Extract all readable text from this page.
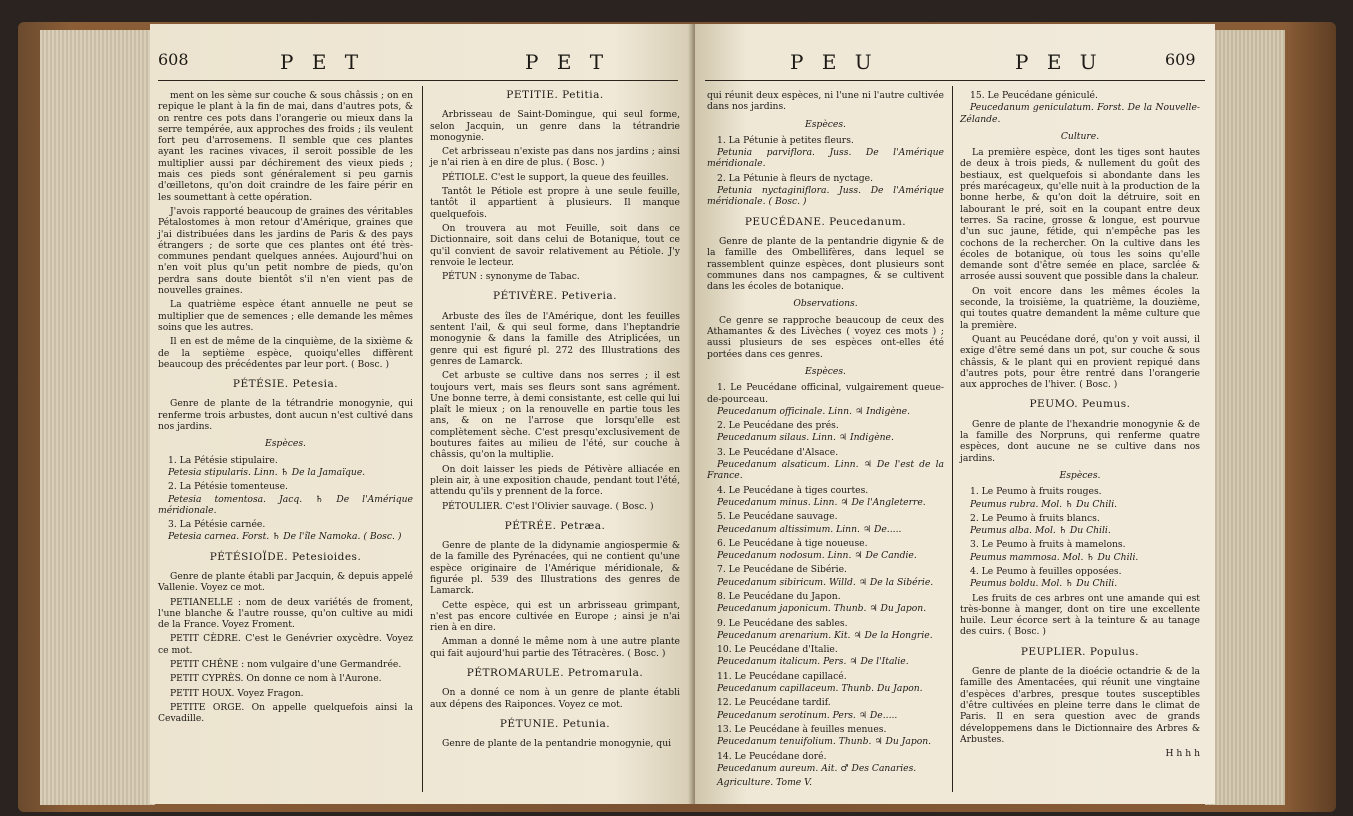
608	P E T	P E T

ment on les sème sur couche & sous châssis ; on en repique le plant à la fin de mai, dans d'autres pots, & on rentre ces pots dans l'orangerie ou mieux dans la serre tempérée, aux approches des froids ; ils veulent fort peu d'arrosemens. Il semble que ces plantes ayant les racines vivaces, il seroit possible de les multiplier aussi par déchirement des vieux pieds ; mais ces pieds sont généralement si peu garnis d'œilletons, qu'on doit craindre de les faire périr en les soumettant à cette opération.

J'avois rapporté beaucoup de graines des véritables Pétalostomes à mon retour d'Amérique, graines que j'ai distribuées dans les jardins de Paris & des pays étrangers ; de sorte que ces plantes ont été très-communes pendant quelques années. Aujourd'hui on n'en voit plus qu'un petit nombre de pieds, qu'on perdra sans doute bientôt s'il n'en vient pas de nouvelles graines.

La quatrième espèce étant annuelle ne peut se multiplier que de semences ; elle demande les mêmes soins que les autres.

Il en est de même de la cinquième, de la sixième & de la septième espèce, quoiqu'elles diffèrent beaucoup des précédentes par leur port. ( Bosc. )

PÉTÉSIE. Petesia.

Genre de plante de la tétrandrie monogynie, qui renferme trois arbustes, dont aucun n'est cultivé dans nos jardins.

Espèces.

1. La Pétésie stipulaire.

Petesia stipularis. Linn. ♄ De la Jamaïque.

2. La Pétésie tomenteuse.

Petesia tomentosa. Jacq. ♄ De l'Amérique méridionale.

3. La Pétésie carnée.

Petesia carnea. Forst. ♄ De l'île Namoka. ( Bosc. )

PÉTÉSIOÏDE. Petesioides.

Genre de plante établi par Jacquin, & depuis appelé Vallenie. Voyez ce mot.

PETIANELLE : nom de deux variétés de froment, l'une blanche & l'autre rousse, qu'on cultive au midi de la France. Voyez Froment.

PETIT CÈDRE. C'est le Genévrier oxycèdre. Voyez ce mot.

PETIT CHÊNE : nom vulgaire d'une Germandrée.

PETIT CYPRÈS. On donne ce nom à l'Aurone.

PETIT HOUX. Voyez Fragon.

PETITE ORGE. On appelle quelquefois ainsi la Cevadille.

PETITIE. Petitia.

Arbrisseau de Saint-Domingue, qui seul forme, selon Jacquin, un genre dans la tétrandrie monogynie.

Cet arbrisseau n'existe pas dans nos jardins ; ainsi je n'ai rien à en dire de plus. ( Bosc. )

PÉTIOLE. C'est le support, la queue des feuilles.

Tantôt le Pétiole est propre à une seule feuille, tantôt il appartient à plusieurs. Il manque quelquefois.

On trouvera au mot Feuille, soit dans ce Dictionnaire, soit dans celui de Botanique, tout ce qu'il convient de savoir relativement au Pétiole. J'y renvoie le lecteur.

PÉTUN : synonyme de Tabac.

PÉTIVÈRE. Petiveria.

Arbuste des îles de l'Amérique, dont les feuilles sentent l'ail, & qui seul forme, dans l'heptandrie monogynie & dans la famille des Atriplicées, un genre qui est figuré pl. 272 des Illustrations des genres de Lamarck.

Cet arbuste se cultive dans nos serres ; il est toujours vert, mais ses fleurs sont sans agrément. Une bonne terre, à demi consistante, est celle qui lui plaît le mieux ; on la renouvelle en partie tous les ans, & on ne l'arrose que lorsqu'elle est complètement sèche. C'est presqu'exclusivement de boutures faites au milieu de l'été, sur couche à châssis, qu'on la multiplie.

On doit laisser les pieds de Pétivère alliacée en plein air, à une exposition chaude, pendant tout l'été, attendu qu'ils y prennent de la force.

PÉTOULIER. C'est l'Olivier sauvage. ( Bosc. )

PÉTRÉE. Petræa.

Genre de plante de la didynamie angiospermie & de la famille des Pyrénacées, qui ne contient qu'une espèce originaire de l'Amérique méridionale, & figurée pl. 539 des Illustrations des genres de Lamarck.

Cette espèce, qui est un arbrisseau grimpant, n'est pas encore cultivée en Europe ; ainsi je n'ai rien à en dire.

Amman a donné le même nom à une autre plante qui fait aujourd'hui partie des Tétracères. ( Bosc. )

PÉTROMARULE. Petromarula.

On a donné ce nom à un genre de plante établi aux dépens des Raiponces. Voyez ce mot.

PÉTUNIE. Petunia.

Genre de plante de la pentandrie monogynie, qui

P E U	P E U	609

qui réunit deux espèces, ni l'une ni l'autre cultivée dans nos jardins.

Espèces.

1. La Pétunie à petites fleurs.

Petunia parviflora. Juss. De l'Amérique méridionale.

2. La Pétunie à fleurs de nyctage.

Petunia nyctaginiflora. Juss. De l'Amérique méridionale. ( Bosc. )

PEUCÉDANE. Peucedanum.

Genre de plante de la pentandrie digynie & de la famille des Ombellifères, dans lequel se rassemblent quinze espèces, dont plusieurs sont communes dans nos campagnes, & se cultivent dans les écoles de botanique.

Observations.

Ce genre se rapproche beaucoup de ceux des Athamantes & des Livèches ( voyez ces mots ) ; aussi plusieurs de ses espèces ont-elles été portées dans ces genres.

Espèces.

1. Le Peucédane officinal, vulgairement queue-de-pourceau.

Peucedanum officinale. Linn. ♃ Indigène.

2. Le Peucédane des prés.

Peucedanum silaus. Linn. ♃ Indigène.

3. Le Peucédane d'Alsace.

Peucedanum alsaticum. Linn. ♃ De l'est de la France.

4. Le Peucédane à tiges courtes.

Peucedanum minus. Linn. ♃ De l'Angleterre.

5. Le Peucédane sauvage.

Peucedanum altissimum. Linn. ♃ De.....

6. Le Peucédane à tige noueuse.

Peucedanum nodosum. Linn. ♃ De Candie.

7. Le Peucédane de Sibérie.

Peucedanum sibiricum. Willd. ♃ De la Sibérie.

8. Le Peucédane du Japon.

Peucedanum japonicum. Thunb. ♃ Du Japon.

9. Le Peucédane des sables.

Peucedanum arenarium. Kit. ♃ De la Hongrie.

10. Le Peucédane d'Italie.

Peucedanum italicum. Pers. ♃ De l'Italie.

11. Le Peucédane capillacé.

Peucedanum capillaceum. Thunb. Du Japon.

12. Le Peucédane tardif.

Peucedanum serotinum. Pers. ♃ De.....

13. Le Peucédane à feuilles menues.

Peucedanum tenuifolium. Thunb. ♃ Du Japon.

14. Le Peucédane doré.

Peucedanum aureum. Ait. ♂ Des Canaries.

Agriculture. Tome V.

15. Le Peucédane géniculé.

Peucedanum geniculatum. Forst. De la Nouvelle-Zélande.

Culture.

La première espèce, dont les tiges sont hautes de deux à trois pieds, & nullement du goût des bestiaux, est quelquefois si abondante dans les prés marécageux, qu'elle nuit à la production de la bonne herbe, & qu'on doit la détruire, soit en labourant le pré, soit en la coupant entre deux terres. Sa racine, grosse & longue, est pourvue d'un suc jaune, fétide, qui n'empêche pas les cochons de la rechercher. On la cultive dans les écoles de botanique, où tous les soins qu'elle demande sont d'être semée en place, sarclée & arrosée aussi souvent que possible dans la chaleur.

On voit encore dans les mêmes écoles la seconde, la troisième, la quatrième, la douzième, qui toutes quatre demandent la même culture que la première.

Quant au Peucédane doré, qu'on y voit aussi, il exige d'être semé dans un pot, sur couche & sous châssis, & le plant qui en provient repiqué dans d'autres pots, pour être rentré dans l'orangerie aux approches de l'hiver. ( Bosc. )

PEUMO. Peumus.

Genre de plante de l'hexandrie monogynie & de la famille des Norpruns, qui renferme quatre espèces, dont aucune ne se cultive dans nos jardins.

Espèces.

1. Le Peumo à fruits rouges.

Peumus rubra. Mol. ♄ Du Chili.

2. Le Peumo à fruits blancs.

Peumus alba. Mol. ♄ Du Chili.

3. Le Peumo à fruits à mamelons.

Peumus mammosa. Mol. ♄ Du Chili.

4. Le Peumo à feuilles opposées.

Peumus boldu. Mol. ♄ Du Chili.

Les fruits de ces arbres ont une amande qui est très-bonne à manger, dont on tire une excellente huile. Leur écorce sert à la teinture & au tanage des cuirs. ( Bosc. )

PEUPLIER. Populus.

Genre de plante de la dioécie octandrie & de la famille des Amentacées, qui réunit une vingtaine d'espèces d'arbres, presque toutes susceptibles d'être cultivées en pleine terre dans le climat de Paris. Il en sera question avec de grands développemens dans le Dictionnaire des Arbres & Arbustes.

H h h h
